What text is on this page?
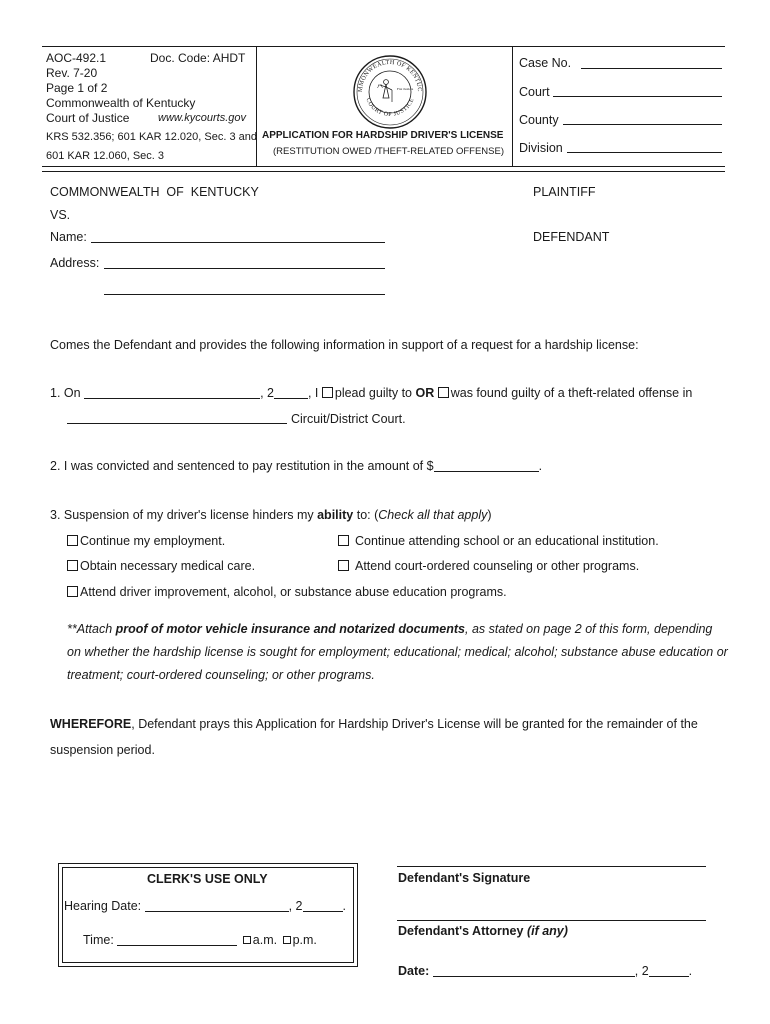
AOC-492.1	Doc. Code: AHDT
Rev. 7-20
Page 1 of 2
Commonwealth of Kentucky
Court of Justice	www.kycourts.gov
KRS 532.356; 601 KAR 12.020, Sec. 3 and
601 KAR 12.060, Sec. 3
MMONWEALTH OF KENTUC
COURT OF JUSTICE
Fiat Justicia
APPLICATION FOR HARDSHIP DRIVER'S LICENSE
(RESTITUTION OWED /THEFT-RELATED OFFENSE)
Case No.
Court
County
Division
COMMONWEALTH  OF  KENTUCKY	PLAINTIFF
VS.
Name:	DEFENDANT
Address:
Comes the Defendant and provides the following information in support of a request for a hardship license:
1. On	, 2	, I plead guilty to OR was found guilty of a theft-related offense in
Circuit/District Court.
2. I was convicted and sentenced to pay restitution in the amount of $	.
3. Suspension of my driver's license hinders my ability to: (Check all that apply)
Continue my employment.	Continue attending school or an educational institution.
Obtain necessary medical care.	Attend court-ordered counseling or other programs.
Attend driver improvement, alcohol, or substance abuse education programs.
**Attach proof of motor vehicle insurance and notarized documents, as stated on page 2 of this form, depending
on whether the hardship license is sought for employment; educational; medical; alcohol; substance abuse education or
treatment; court-ordered counseling; or other programs.
WHEREFORE, Defendant prays this Application for Hardship Driver's License will be granted for the remainder of the
suspension period.
CLERK'S USE ONLY
Hearing Date:	, 2	.
Time:	a.m. p.m.
Defendant's Signature
Defendant's Attorney (if any)
Date:	, 2	.
